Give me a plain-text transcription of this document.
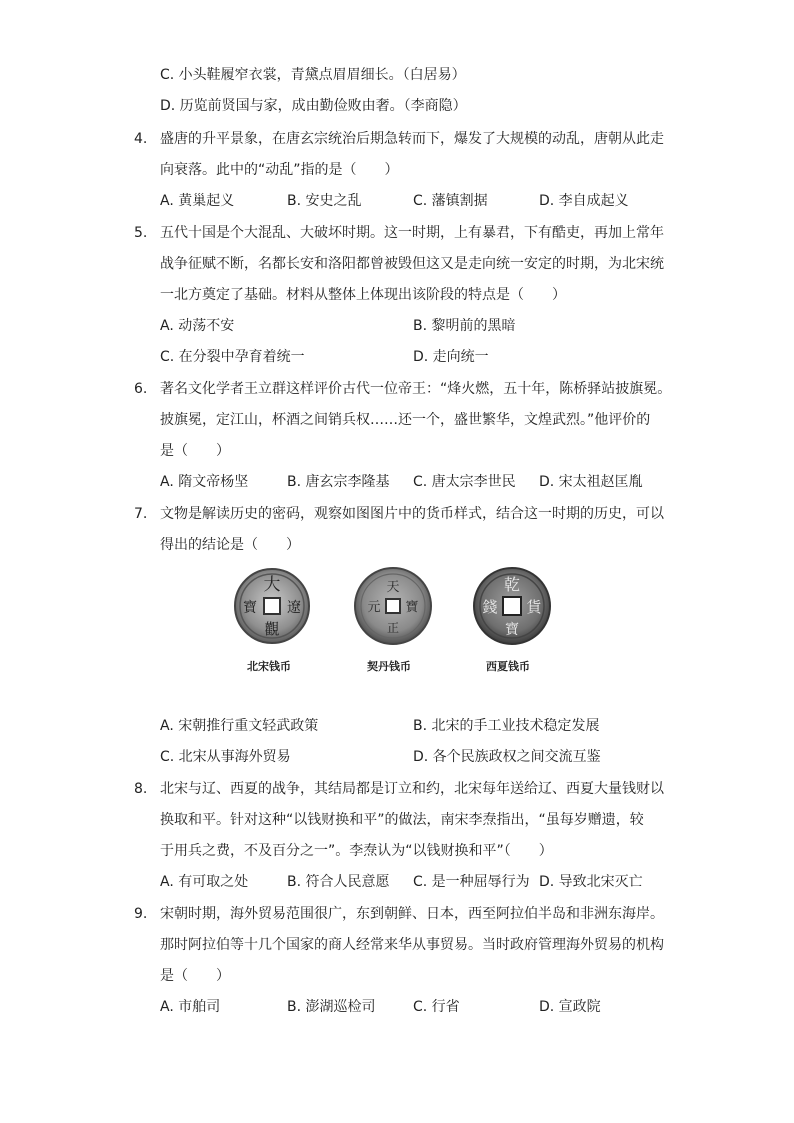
C. 小头鞋履窄衣裳，青黛点眉眉细长。（白居易）
D. 历览前贤国与家，成由勤俭败由奢。（李商隐）
4. 盛唐的升平景象，在唐玄宗统治后期急转而下，爆发了大规模的动乱，唐朝从此走
向衰落。此中的“动乱”指的是（　　）
A. 黄巢起义	B. 安史之乱	C. 藩镇割据	D. 李自成起义
5. 五代十国是个大混乱、大破坏时期。这一时期，上有暴君，下有酷吏，再加上常年
战争征赋不断，名都长安和洛阳都曾被毁但这又是走向统一安定的时期，为北宋统
一北方奠定了基础。材料从整体上体现出该阶段的特点是（　　）
A. 动荡不安	B. 黎明前的黑暗
C. 在分裂中孕育着统一	D. 走向统一
6. 著名文化学者王立群这样评价古代一位帝王：“烽火燃，五十年，陈桥驿站披旗冕。
披旗冕，定江山，杯酒之间销兵权……还一个，盛世繁华，文煌武烈。”他评价的
是（　　）
A. 隋文帝杨坚	B. 唐玄宗李隆基 C. 唐太宗李世民 D. 宋太祖赵匡胤
7. 文物是解读历史的密码，观察如图图片中的货币样式，结合这一时期的历史，可以
得出的结论是（　　）
大
遼
寶
觀
天
正
元 寶
乾
貨
錢
寶
北宋钱币	契丹钱币	西夏钱币
A. 宋朝推行重文轻武政策	B. 北宋的手工业技术稳定发展
C. 北宋从事海外贸易	D. 各个民族政权之间交流互鉴
8. 北宋与辽、西夏的战争，其结局都是订立和约，北宋每年送给辽、西夏大量钱财以
换取和平。针对这种“以钱财换和平”的做法，南宋李焘指出，“虽每岁赠遗，较
于用兵之费，不及百分之一”。李焘认为“以钱财换和平”（　　）
A. 有可取之处	B. 符合人民意愿 C. 是一种屈辱行为 D. 导致北宋灭亡
9. 宋朝时期，海外贸易范围很广，东到朝鲜、日本，西至阿拉伯半岛和非洲东海岸。
那时阿拉伯等十几个国家的商人经常来华从事贸易。当时政府管理海外贸易的机构
是（　　）
A. 市舶司	B. 澎湖巡检司	C. 行省	D. 宣政院
